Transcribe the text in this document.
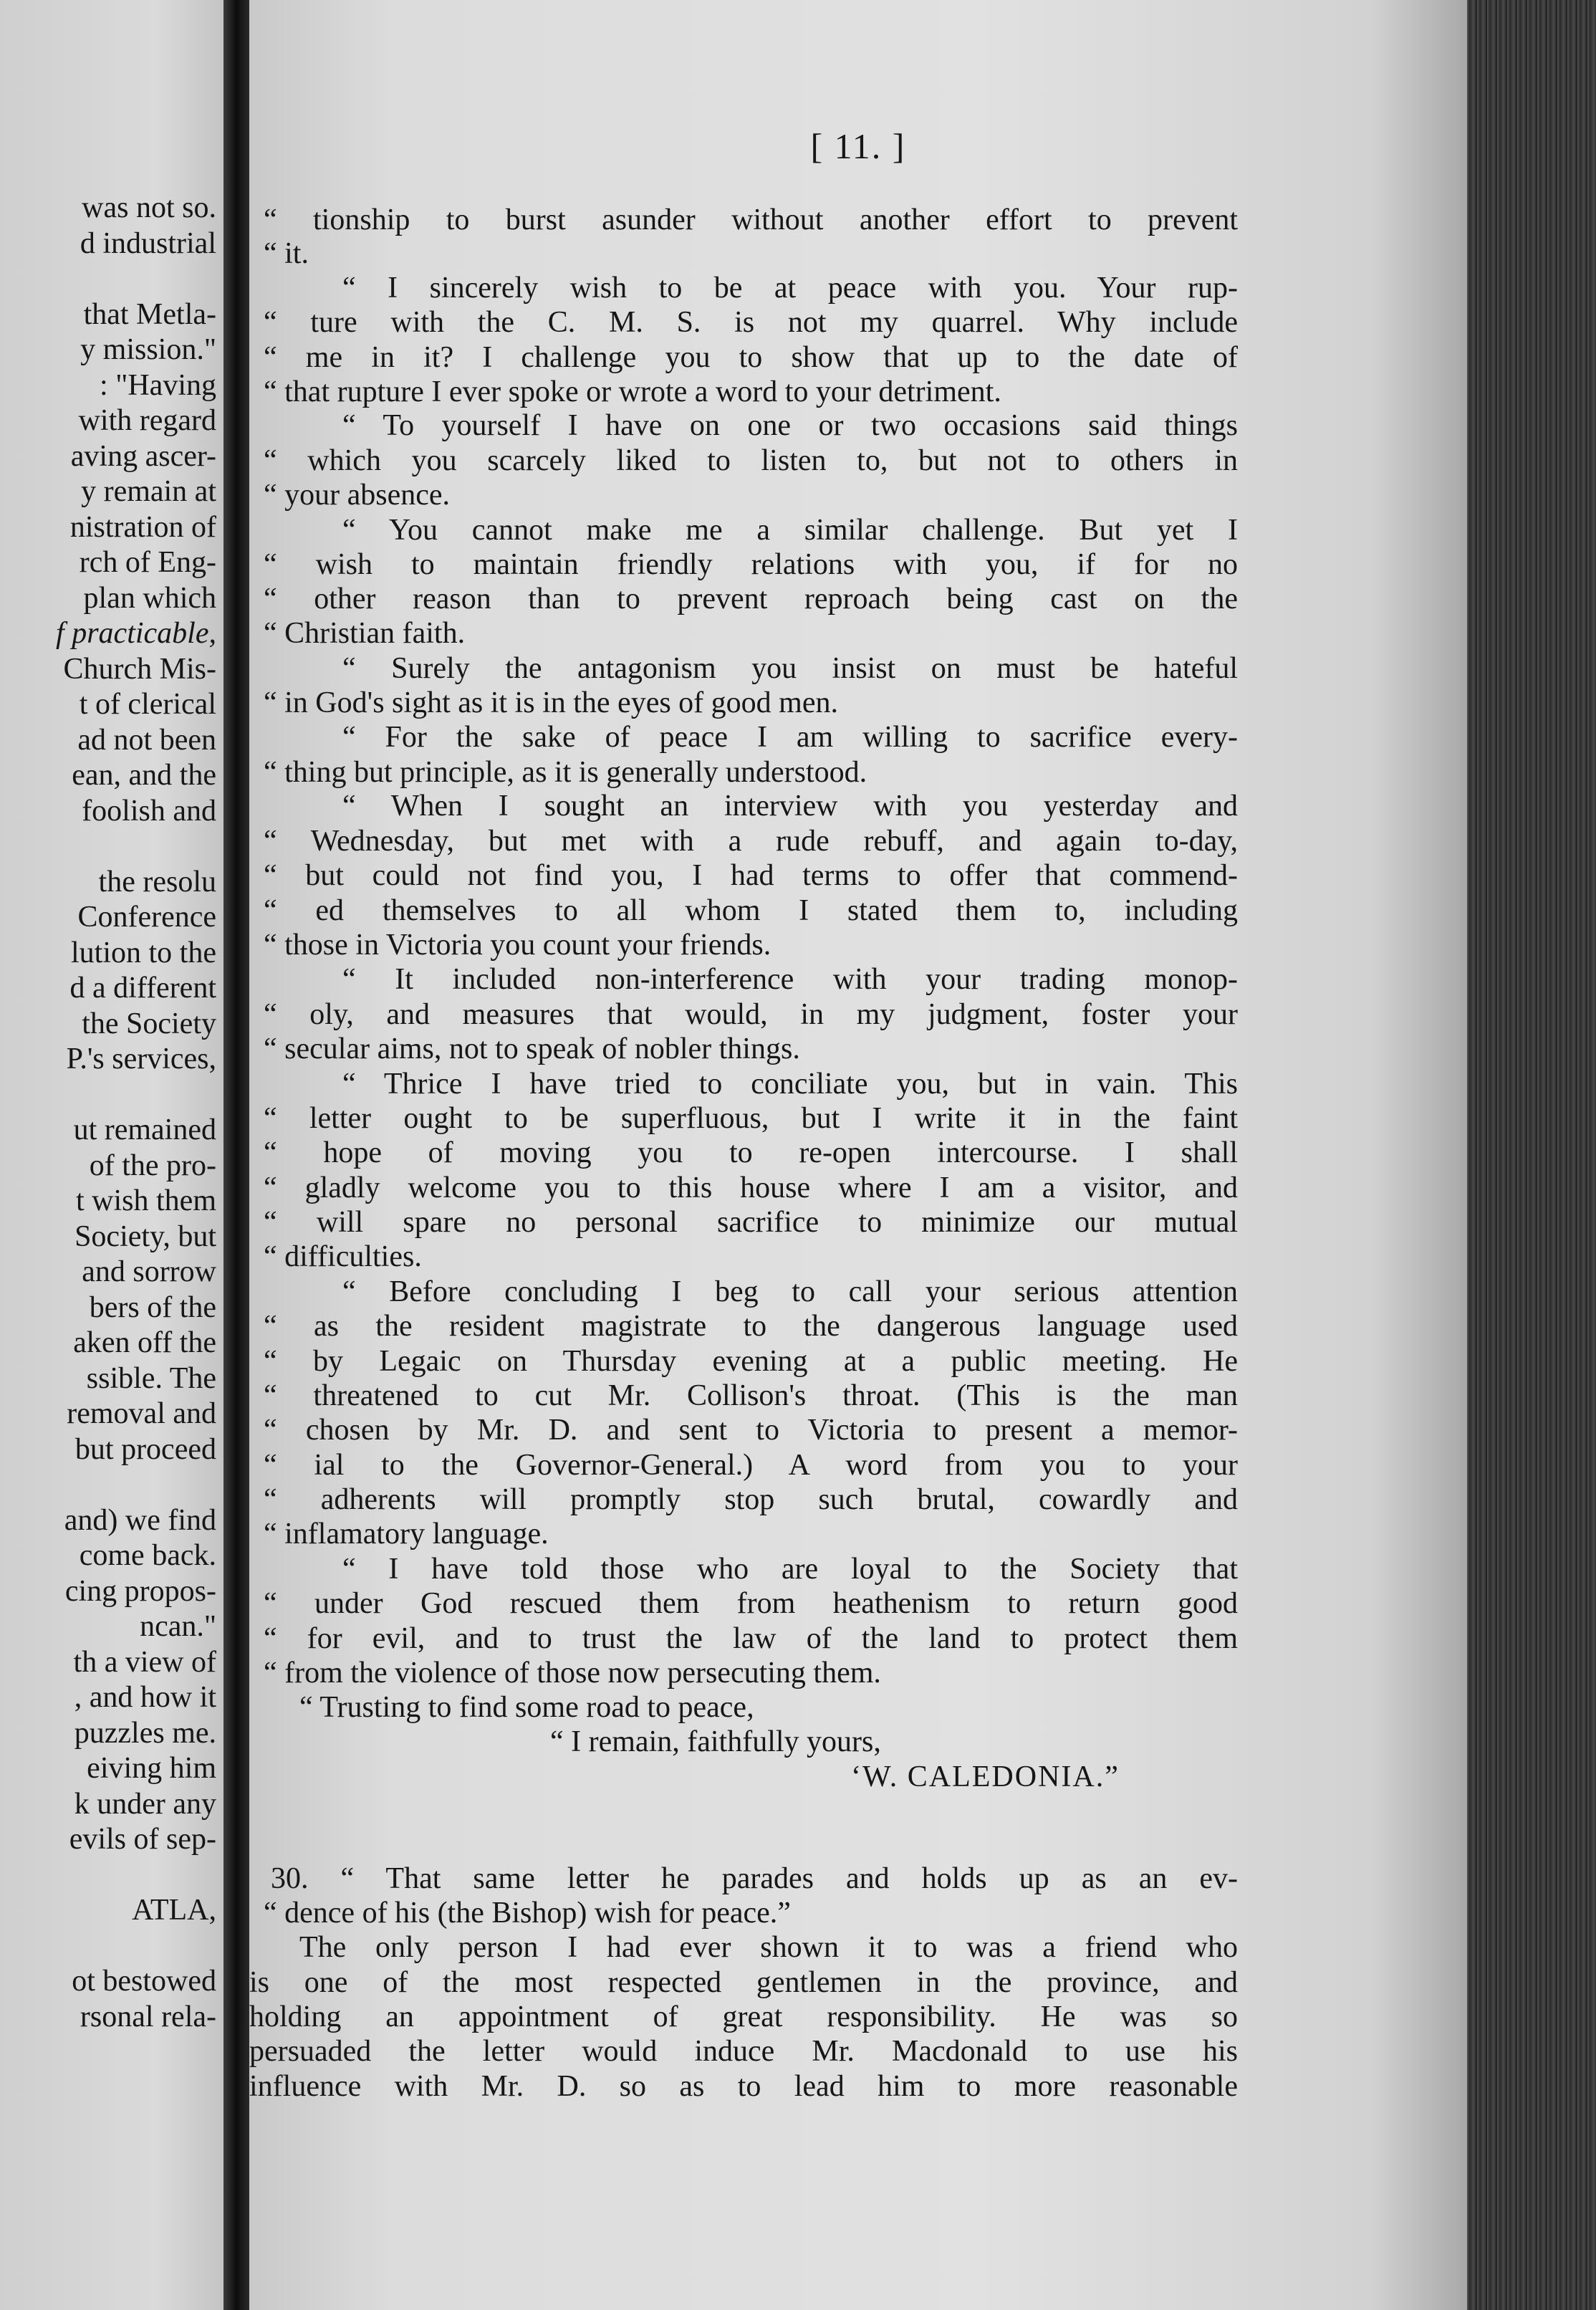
was not so.
d industrial
that Metla-
y mission."
: "Having
with regard
aving ascer-
y remain at
nistration of
rch of Eng-
plan which
f practicable,
Church Mis-
t of clerical
ad not been
ean, and the
foolish and
the resolu
Conference
lution to the
d a different
the Society
P.'s services,
ut remained
of the pro-
t wish them
Society, but
and sorrow
bers of the
aken off the
ssible. The
removal and
but proceed
and) we find
come back.
cing propos-
ncan."
th a view of
, and how it
puzzles me.
eiving him
k under any
evils of sep-
ATLA,
ot bestowed
rsonal rela-
[ 11. ]
“ tionship to burst asunder without another effort to prevent
“ it.
“ I sincerely wish to be at peace with you. Your rup-
“ ture with the C. M. S. is not my quarrel. Why include
“ me in it? I challenge you to show that up to the date of
“ that rupture I ever spoke or wrote a word to your detriment.
“ To yourself I have on one or two occasions said things
“ which you scarcely liked to listen to, but not to others in
“ your absence.
“ You cannot make me a similar challenge. But yet I
“ wish to maintain friendly relations with you, if for no
“ other reason than to prevent reproach being cast on the
“ Christian faith.
“ Surely the antagonism you insist on must be hateful
“ in God's sight as it is in the eyes of good men.
“ For the sake of peace I am willing to sacrifice every-
“ thing but principle, as it is generally understood.
“ When I sought an interview with you yesterday and
“ Wednesday, but met with a rude rebuff, and again to-day,
“ but could not find you, I had terms to offer that commend-
“ ed themselves to all whom I stated them to, including
“ those in Victoria you count your friends.
“ It included non-interference with your trading monop-
“ oly, and measures that would, in my judgment, foster your
“ secular aims, not to speak of nobler things.
“ Thrice I have tried to conciliate you, but in vain. This
“ letter ought to be superfluous, but I write it in the faint
“ hope of moving you to re-open intercourse. I shall
“ gladly welcome you to this house where I am a visitor, and
“ will spare no personal sacrifice to minimize our mutual
“ difficulties.
“ Before concluding I beg to call your serious attention
“ as the resident magistrate to the dangerous language used
“ by Legaic on Thursday evening at a public meeting. He
“ threatened to cut Mr. Collison's throat. (This is the man
“ chosen by Mr. D. and sent to Victoria to present a memor-
“ ial to the Governor-General.) A word from you to your
“ adherents will promptly stop such brutal, cowardly and
“ inflamatory language.
“ I have told those who are loyal to the Society that
“ under God rescued them from heathenism to return good
“ for evil, and to trust the law of the land to protect them
“ from the violence of those now persecuting them.
“ Trusting to find some road to peace,
“ I remain, faithfully yours,
‘W. CALEDONIA.”
30. “ That same letter he parades and holds up as an ev-
“ dence of his (the Bishop) wish for peace.”
The only person I had ever shown it to was a friend who
is one of the most respected gentlemen in the province, and
holding an appointment of great responsibility. He was so
persuaded the letter would induce Mr. Macdonald to use his
influence with Mr. D. so as to lead him to more reasonable
